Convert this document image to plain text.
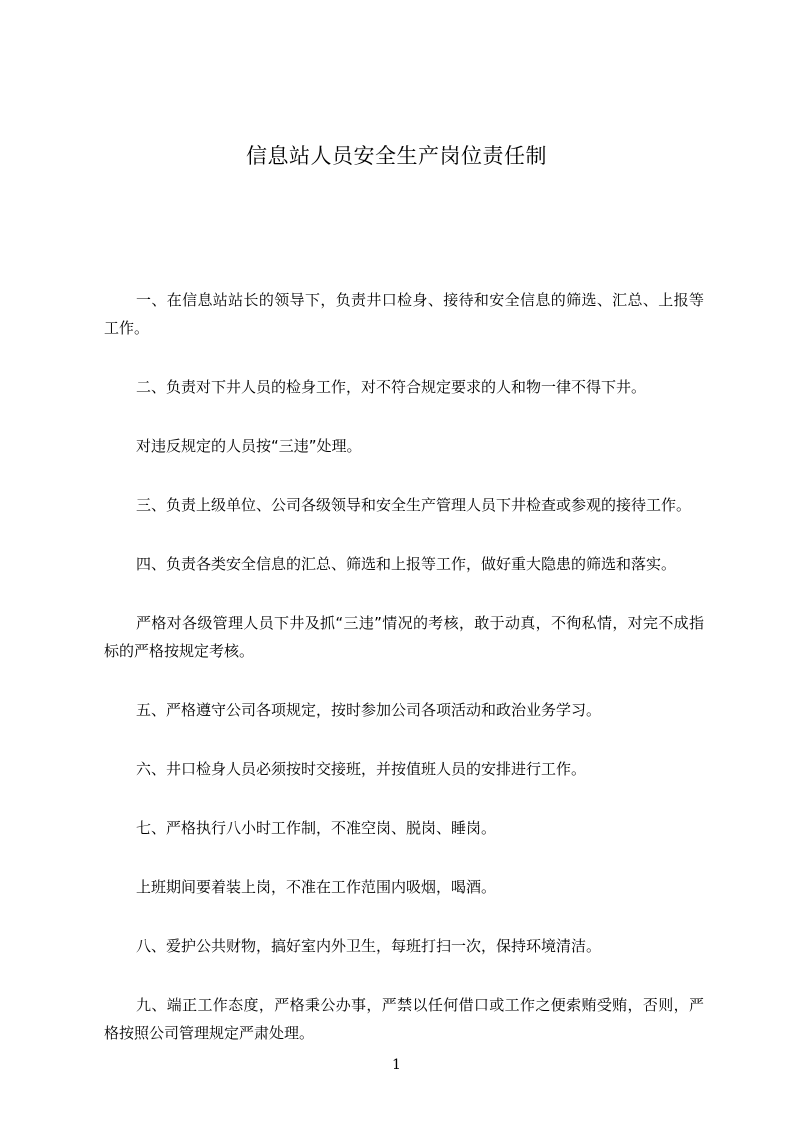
信息站人员安全生产岗位责任制

一、在信息站站长的领导下，负责井口检身、接待和安全信息的筛选、汇总、上报等工作。

二、负责对下井人员的检身工作，对不符合规定要求的人和物一律不得下井。

对违反规定的人员按“三违”处理。

三、负责上级单位、公司各级领导和安全生产管理人员下井检查或参观的接待工作。

四、负责各类安全信息的汇总、筛选和上报等工作，做好重大隐患的筛选和落实。

严格对各级管理人员下井及抓“三违”情况的考核，敢于动真，不徇私情，对完不成指标的严格按规定考核。

五、严格遵守公司各项规定，按时参加公司各项活动和政治业务学习。

六、井口检身人员必须按时交接班，并按值班人员的安排进行工作。

七、严格执行八小时工作制，不准空岗、脱岗、睡岗。

上班期间要着装上岗，不准在工作范围内吸烟，喝酒。

八、爱护公共财物，搞好室内外卫生，每班打扫一次，保持环境清洁。

九、端正工作态度，严格秉公办事，严禁以任何借口或工作之便索贿受贿，否则，严格按照公司管理规定严肃处理。

1
